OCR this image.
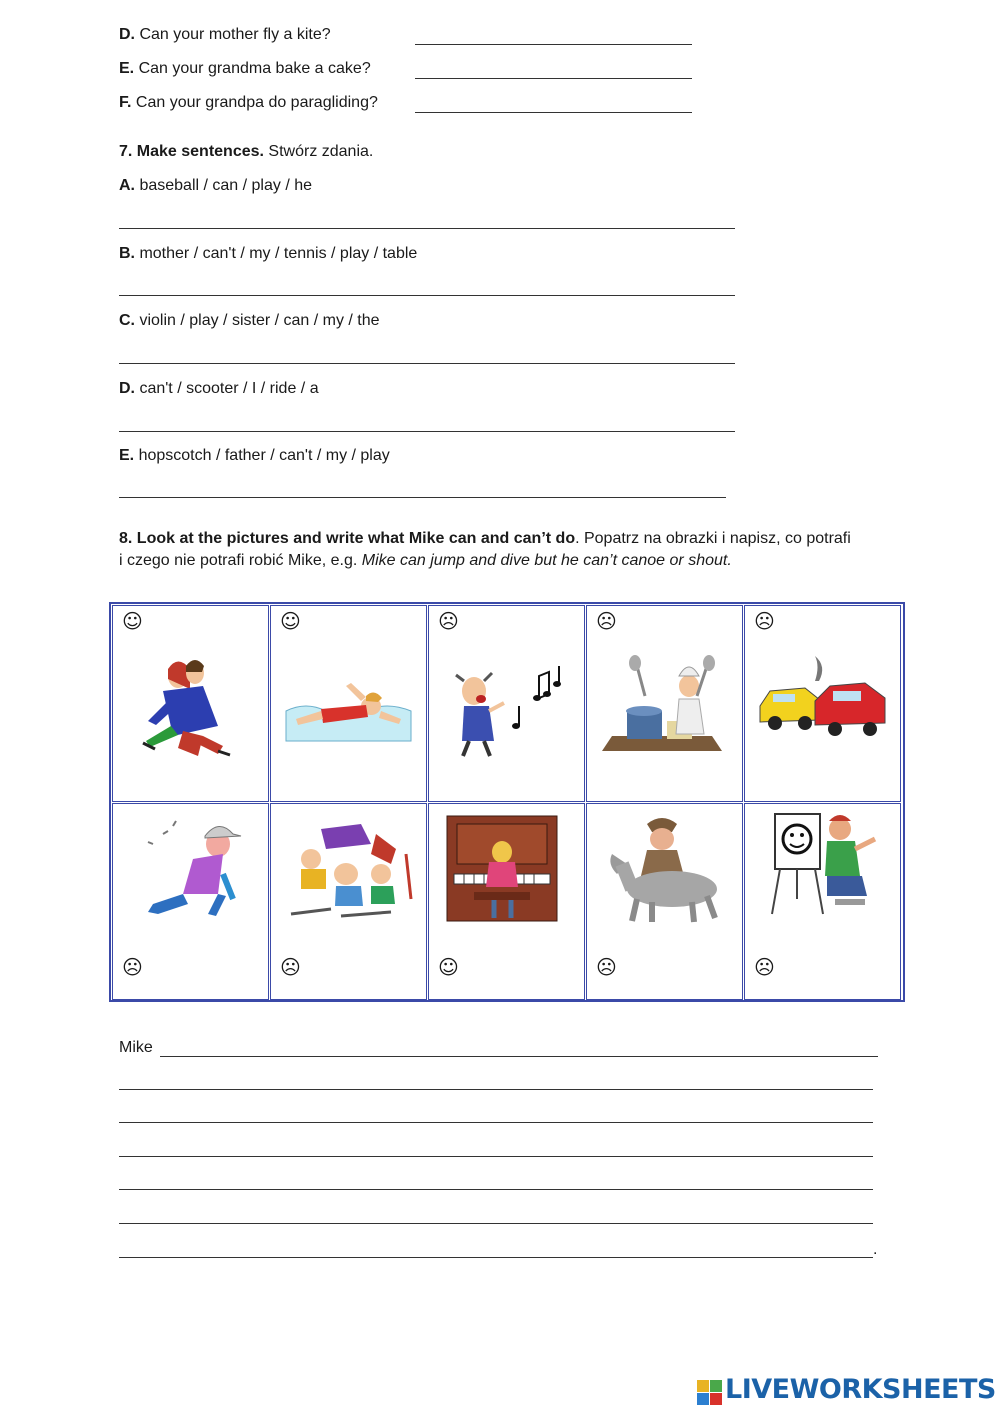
D. Can your mother fly a kite?
E. Can your grandma bake a cake?
F. Can your grandpa do paragliding?
7. Make sentences. Stwórz zdania.
A. baseball / can / play / he
B. mother / can't / my / tennis / play / table
C. violin / play / sister / can / my / the
D. can't / scooter / I / ride / a
E. hopscotch / father / can't / my / play
8. Look at the pictures and write what Mike can and can’t do. Popatrz na obrazki i napisz, co potrafi
i czego nie potrafi robić Mike, e.g. Mike can jump and dive but he can’t canoe or shout.
☺	☺	☹	☹	☹
☹	☹	☺	☹	☹
Mike
.
LIVEWORKSHEETS
